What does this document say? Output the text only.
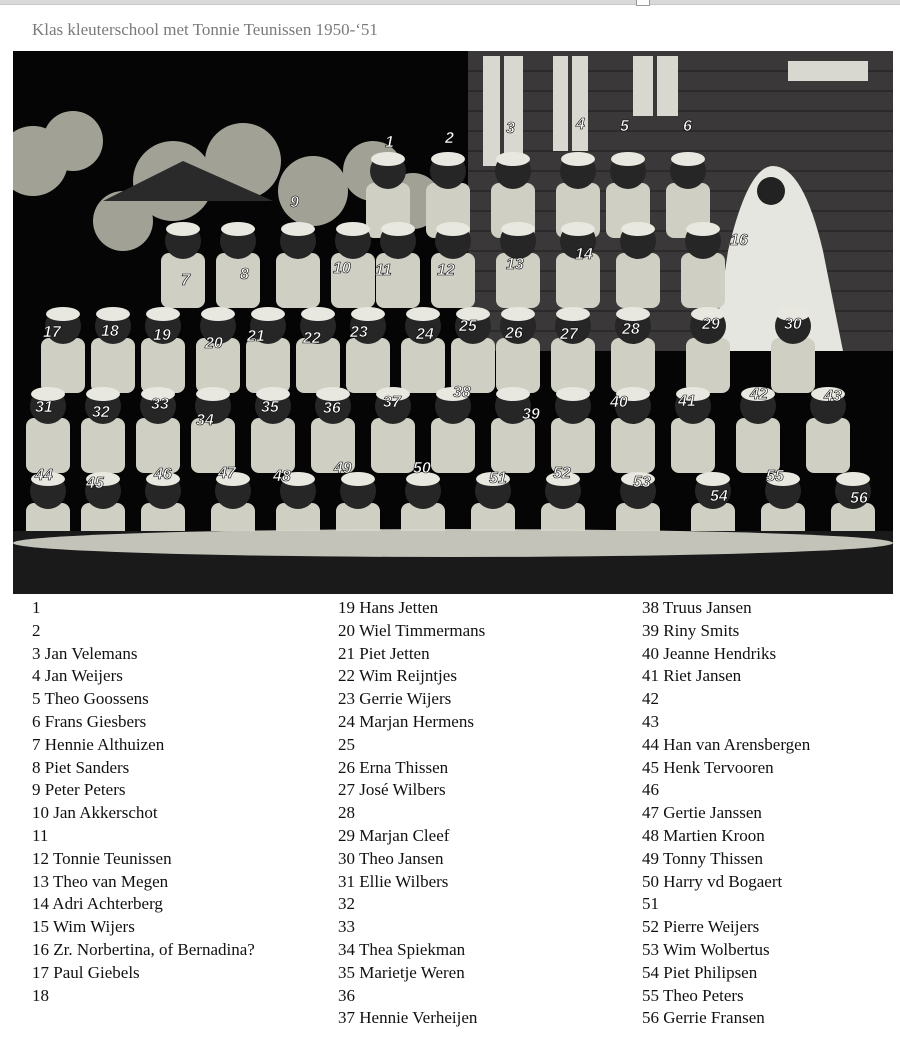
Klas kleuterschool met Tonnie Teunissen 1950-‘51
1	2
3	4 5	6
7	8
9
10 11	12	13
14
16
17	18 19 20 21 22 23	24 25 26 27	28	29	30
31 32	33
34
35	36	37
38
39
40	41	42	43
44 45
46	47 48	49	50
51	52
53
54
55
56
1
2
3 Jan Velemans
4 Jan Weijers
5 Theo Goossens
6 Frans Giesbers
7 Hennie Althuizen
8 Piet Sanders
9 Peter Peters
10 Jan Akkerschot
11
12 Tonnie Teunissen
13 Theo van Megen
14 Adri Achterberg
15 Wim Wijers
16 Zr. Norbertina, of Bernadina?
17 Paul Giebels
18
19 Hans Jetten
20 Wiel Timmermans
21 Piet Jetten
22 Wim Reijntjes
23 Gerrie Wijers
24 Marjan Hermens
25
26 Erna Thissen
27 José Wilbers
28
29 Marjan Cleef
30 Theo Jansen
31 Ellie Wilbers
32
33
34 Thea Spiekman
35 Marietje Weren
36
37 Hennie Verheijen
38 Truus Jansen
39 Riny Smits
40 Jeanne Hendriks
41 Riet Jansen
42
43
44 Han van Arensbergen
45 Henk Tervooren
46
47 Gertie Janssen
48 Martien Kroon
49 Tonny Thissen
50 Harry vd Bogaert
51
52 Pierre Weijers
53 Wim Wolbertus
54 Piet Philipsen
55 Theo Peters
56 Gerrie Fransen
